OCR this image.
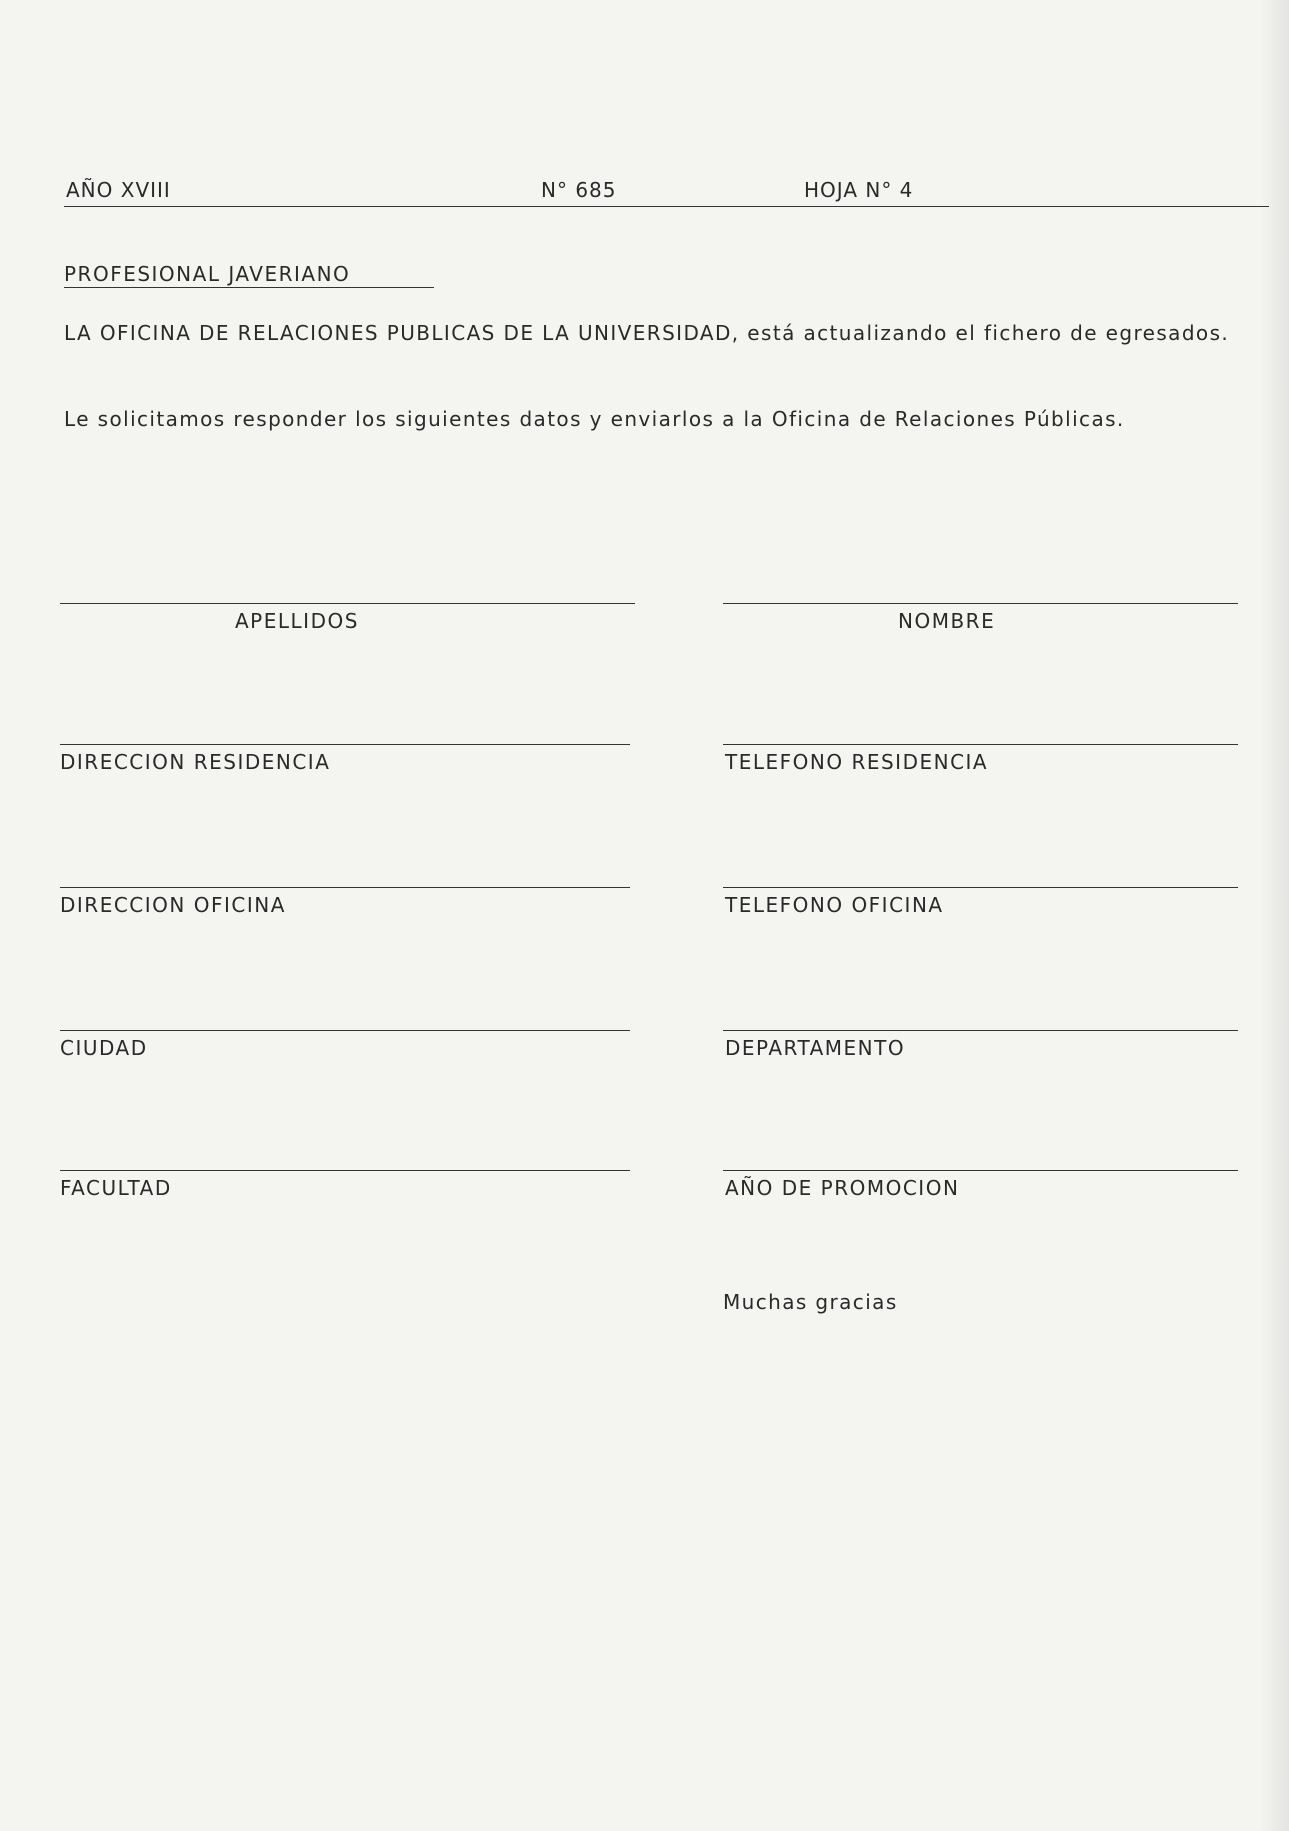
AÑO XVIII	N° 685	HOJA N° 4
PROFESIONAL JAVERIANO
LA OFICINA DE RELACIONES PUBLICAS DE LA UNIVERSIDAD, está actualizando el fichero de egresados.
Le solicitamos responder los siguientes datos y enviarlos a la Oficina de Relaciones Públicas.
APELLIDOS	NOMBRE
DIRECCION RESIDENCIA	TELEFONO RESIDENCIA
DIRECCION OFICINA	TELEFONO OFICINA
CIUDAD	DEPARTAMENTO
FACULTAD	AÑO DE PROMOCION
Muchas gracias
